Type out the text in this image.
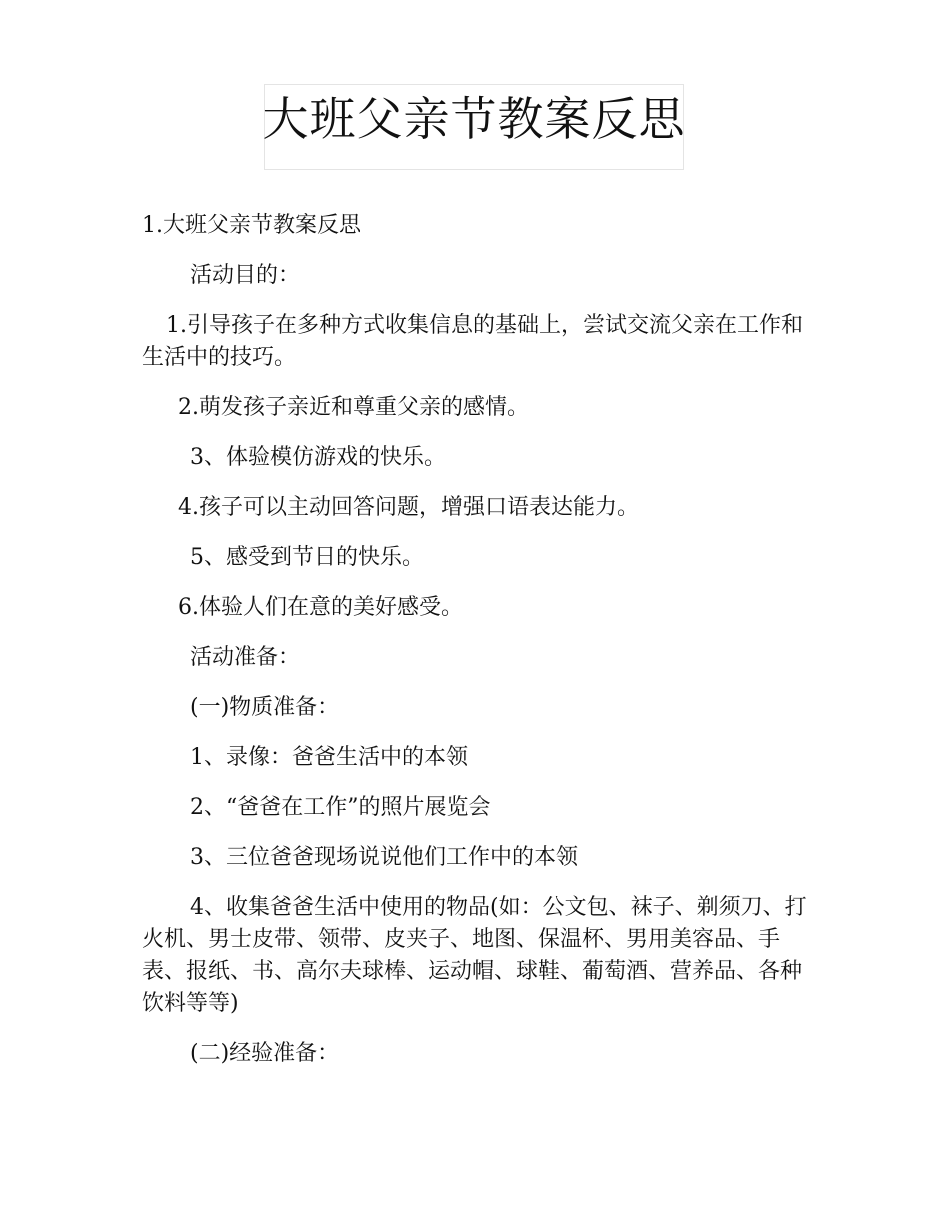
大班父亲节教案反思

1.大班父亲节教案反思

活动目的：

1.引导孩子在多种方式收集信息的基础上，尝试交流父亲在工作和生活中的技巧。

2.萌发孩子亲近和尊重父亲的感情。

3、体验模仿游戏的快乐。

4.孩子可以主动回答问题，增强口语表达能力。

5、感受到节日的快乐。

6.体验人们在意的美好感受。

活动准备：

(一)物质准备：

1、录像：爸爸生活中的本领

2、“爸爸在工作”的照片展览会

3、三位爸爸现场说说他们工作中的本领

4、收集爸爸生活中使用的物品(如：公文包、袜子、剃须刀、打火机、男士皮带、领带、皮夹子、地图、保温杯、男用美容品、手表、报纸、书、高尔夫球棒、运动帽、球鞋、葡萄酒、营养品、各种饮料等等)

(二)经验准备：
